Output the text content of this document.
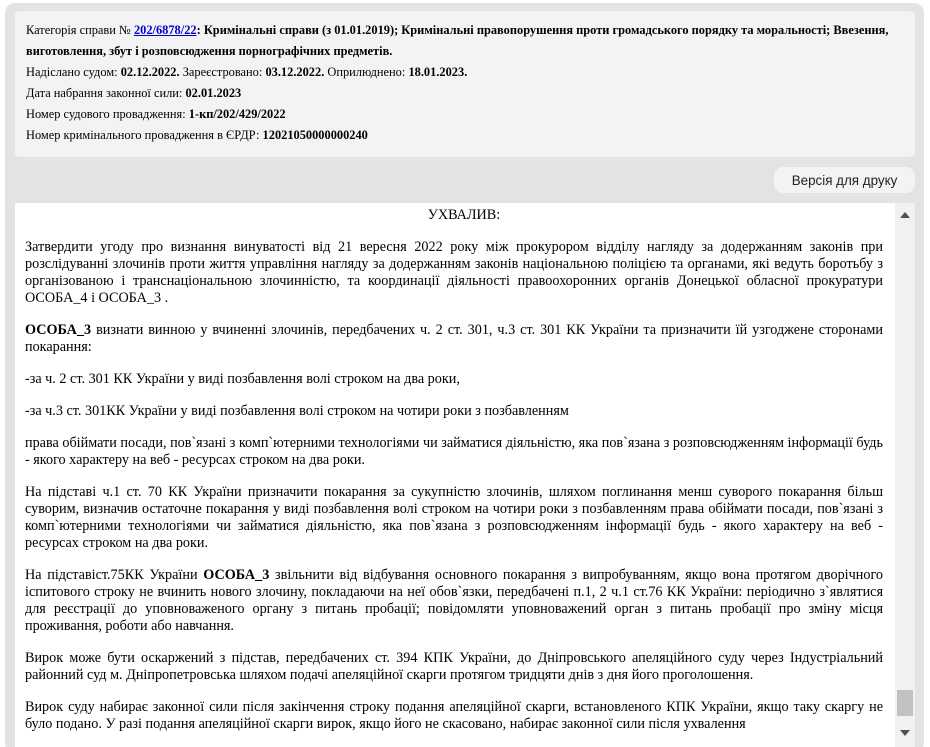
Категорія справи № 202/6878/22: Кримінальні справи (з 01.01.2019); Кримінальні правопорушення проти громадського порядку та моральності; Ввезення, виготовлення, збут і розповсюдження порнографічних предметів.
Надіслано судом: 02.12.2022. Зареєстровано: 03.12.2022. Оприлюднено: 18.01.2023.
Дата набрання законної сили: 02.01.2023
Номер судового провадження: 1-кп/202/429/2022
Номер кримінального провадження в ЄРДР: 12021050000000240
Версія для друку
УХВАЛИВ:

Затвердити угоду про визнання винуватості від 21 вересня 2022 року між прокурором відділу нагляду за додержанням законів при розслідуванні злочинів проти життя управління нагляду за додержанням законів національною поліцією та органами, які ведуть боротьбу з організованою і транснаціональною злочинністю, та координації діяльності правоохоронних органів Донецької обласної прокуратури ОСОБА_4 і ОСОБА_3 .

ОСОБА_3 визнати винною у вчиненні злочинів, передбачених ч. 2 ст. 301, ч.3 ст. 301 КК України та призначити їй узгоджене сторонами покарання:

-за ч. 2 ст. 301 КК України у виді позбавлення волі строком на два роки,

-за ч.3 ст. 301КК України у виді позбавлення волі строком на чотири роки з позбавленням

права обіймати посади, пов`язані з комп`ютерними технологіями чи займатися діяльністю, яка пов`язана з розповсюдженням інформації будь - якого характеру на веб - ресурсах строком на два роки.

На підставі ч.1 ст. 70 КК України призначити покарання за сукупністю злочинів, шляхом поглинання менш суворого покарання більш суворим, визначив остаточне покарання у виді позбавлення волі строком на чотири роки з позбавленням права обіймати посади, пов`язані з комп`ютерними технологіями чи займатися діяльністю, яка пов`язана з розповсюдженням інформації будь - якого характеру на веб - ресурсах строком на два роки.

На підставіст.75КК України ОСОБА_3 звільнити від відбування основного покарання з випробуванням, якщо вона протягом дворічного іспитового строку не вчинить нового злочину, покладаючи на неї обов`язки, передбачені п.1, 2 ч.1 ст.76 КК України: періодично з`являтися для реєстрації до уповноваженого органу з питань пробації; повідомляти уповноважений орган з питань пробації про зміну місця проживання, роботи або навчання.

Вирок може бути оскаржений з підстав, передбачених ст. 394 КПК України, до Дніпровського апеляційного суду через Індустріальний районний суд м. Дніпропетровська шляхом подачі апеляційної скарги протягом тридцяти днів з дня його проголошення.

Вирок суду набирає законної сили після закінчення строку подання апеляційної скарги, встановленого КПК України, якщо таку скаргу не було подано. У разі подання апеляційної скарги вирок, якщо його не скасовано, набирає законної сили після ухвалення
